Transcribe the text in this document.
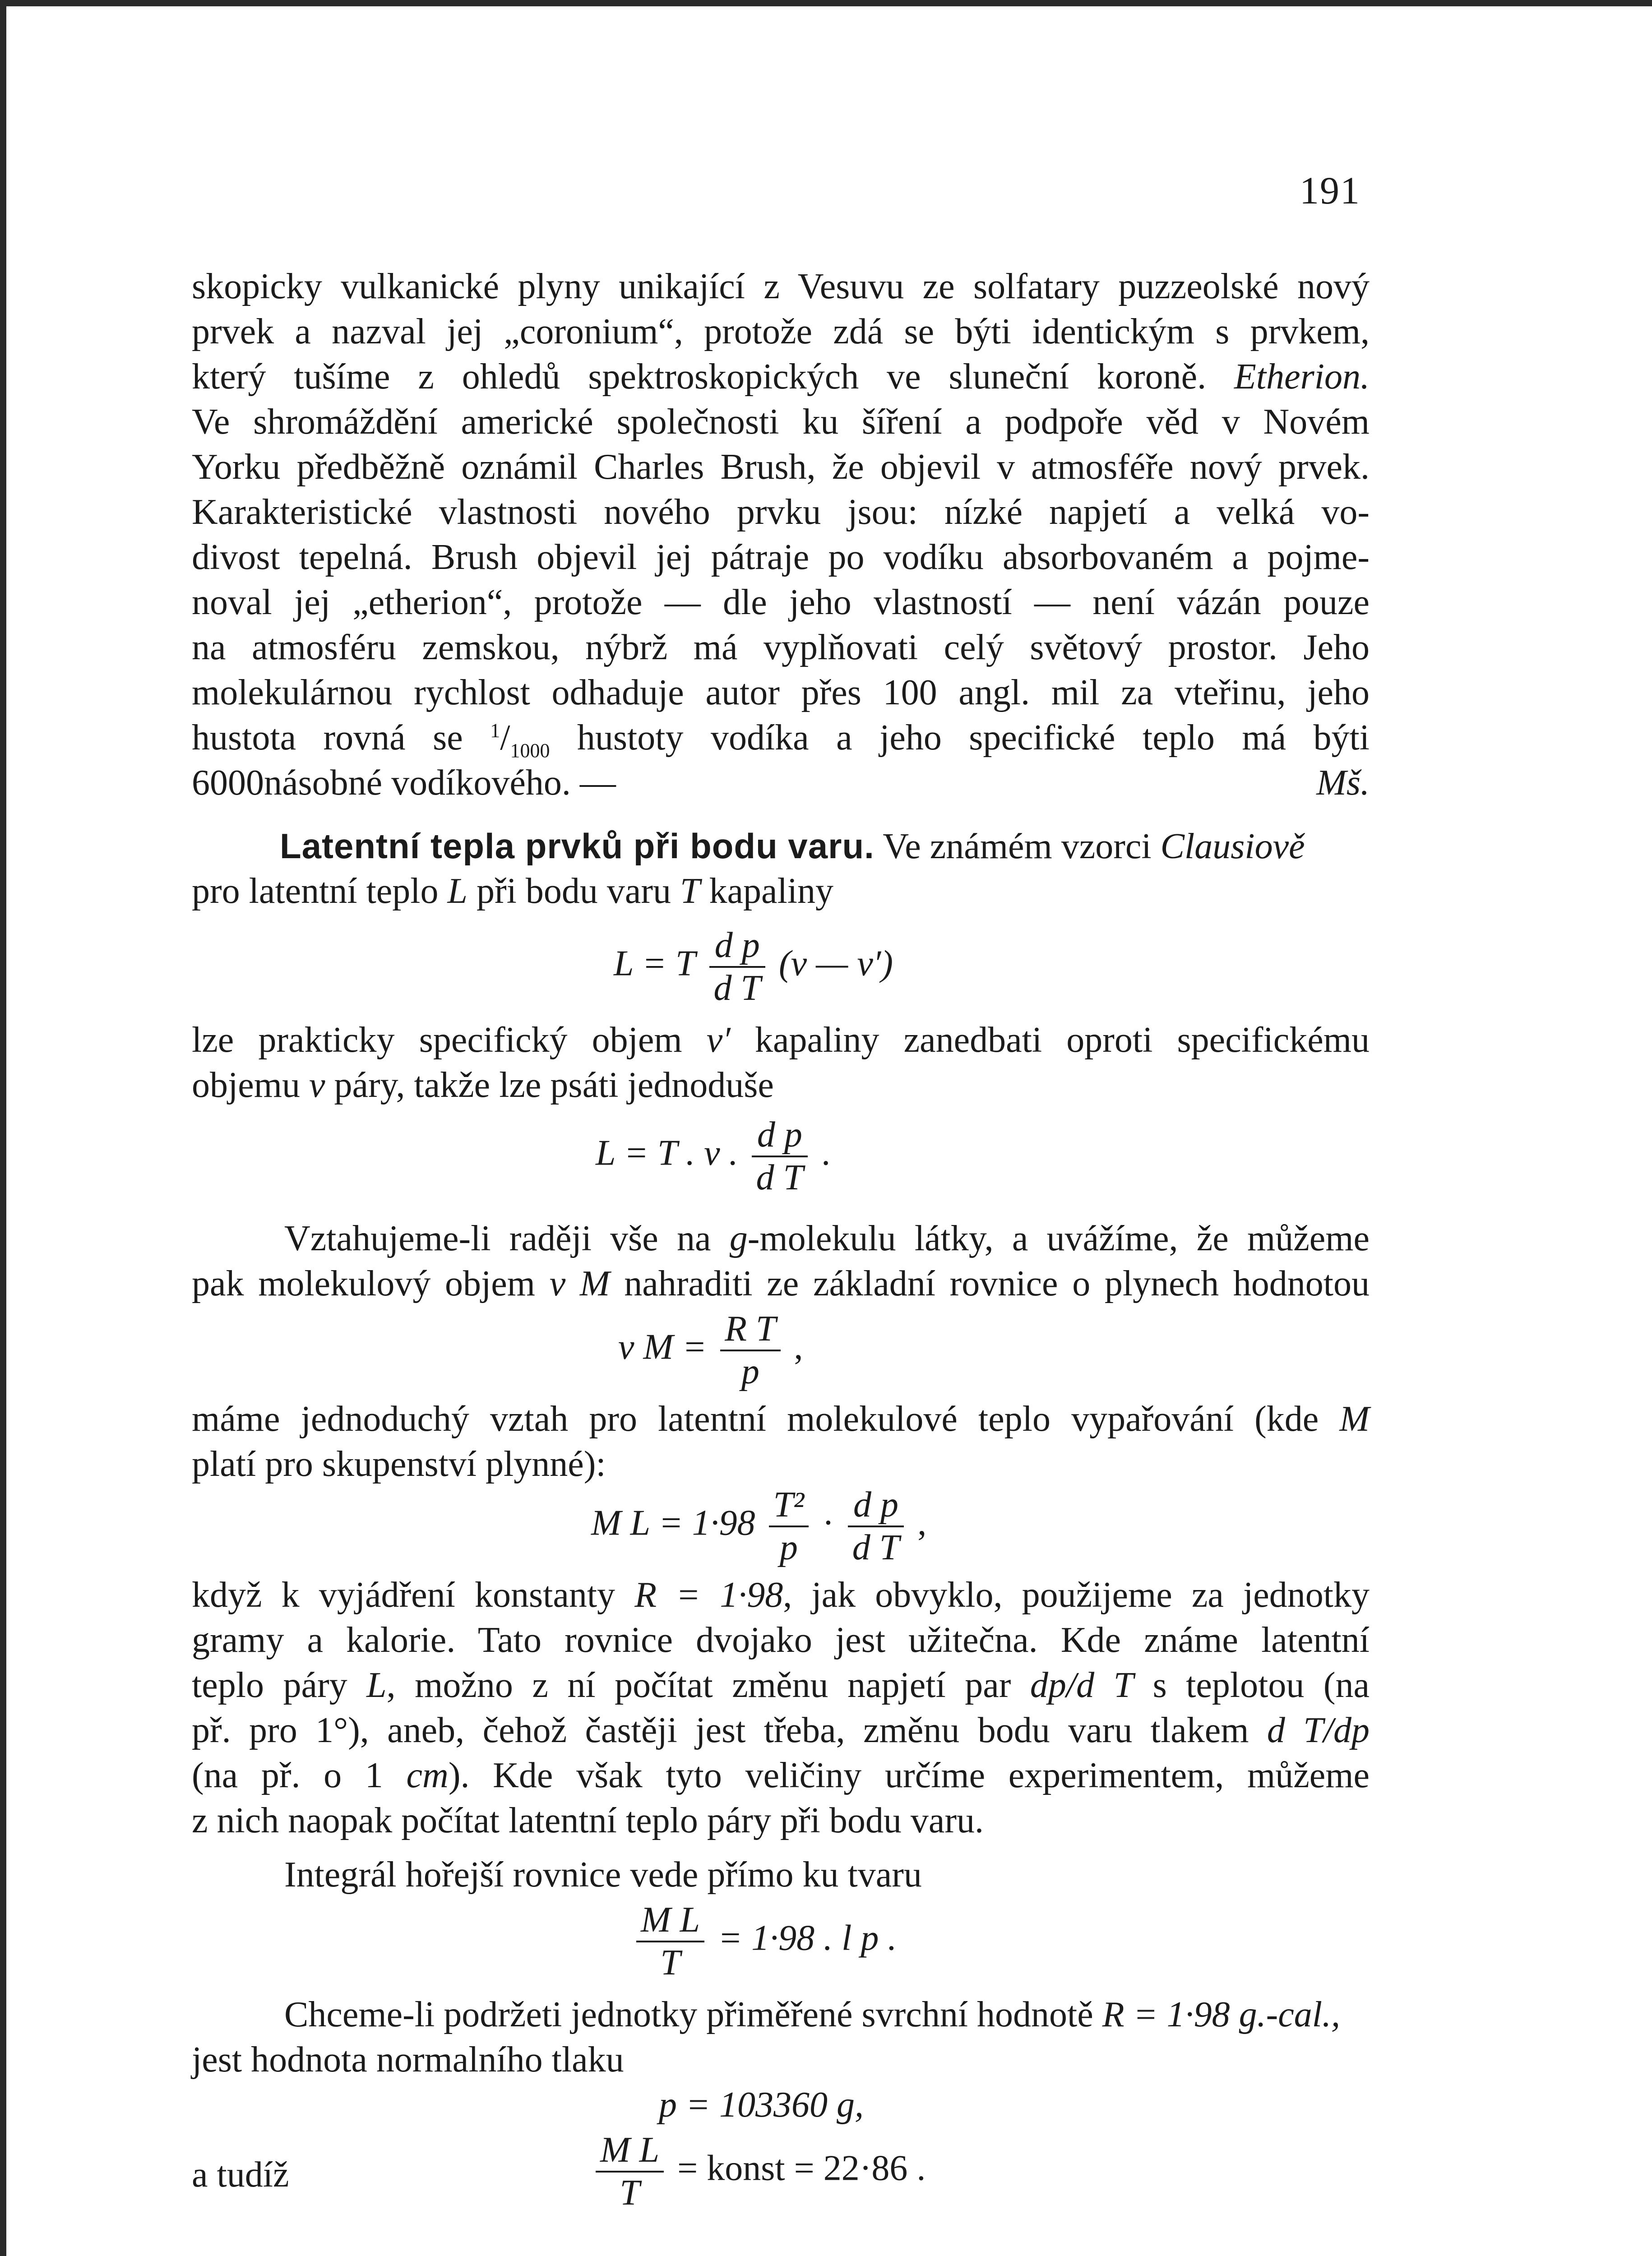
191
skopicky vulkanické plyny unikající z Vesuvu ze solfatary puzzeolské nový
prvek a nazval jej „coronium“, protože zdá se býti identickým s prvkem,
který tušíme z ohledů spektroskopických ve sluneční koroně. Etherion.
Ve shromáždění americké společnosti ku šíření a podpoře věd v Novém
Yorku předběžně oznámil Charles Brush, že objevil v atmosféře nový prvek.
Karakteristické vlastnosti nového prvku jsou: nízké napjetí a velká vo-
divost tepelná. Brush objevil jej pátraje po vodíku absorbovaném a pojme-
noval jej „etherion“, protože — dle jeho vlastností — není vázán pouze
na atmosféru zemskou, nýbrž má vyplňovati celý světový prostor. Jeho
molekulárnou rychlost odhaduje autor přes 100 angl. mil za vteřinu, jeho
hustota rovná se $^1/_{1000}$ hustoty vodíka a jeho specifické teplo má býti
6000násobné vodíkového. —	Mš.
Latentní tepla prvků při bodu varu. Ve známém vzorci Clausiově
pro latentní teplo L při bodu varu T kapaliny
L = T $\frac{\text{d p}}{\text{d T}} (v$ — v′)
lze prakticky specifický objem v′ kapaliny zanedbati oproti specifickému
objemu v páry, takže lze psáti jednoduše
L = T . v . $\frac{\text{d p}}{\text{d T}}$ .
Vztahujeme-li raději vše na g-molekulu látky, a uvážíme, že můžeme
pak molekulový objem v M nahraditi ze základní rovnice o plynech hodnotou
v $M = \frac{\text{R T}}{p}$ ,
máme jednoduchý vztah pro latentní molekulové teplo vypařování (kde M
platí pro skupenství plynné):
M $L = 1\cdot 98 \frac{\text{T²}}{p} \cdot \frac{\text{d p}}{\text{d T}}$ ,
když k vyjádření konstanty R = 1·98, jak obvyklo, použijeme za jednotky
gramy a kalorie. Tato rovnice dvojako jest užitečna. Kde známe latentní
teplo páry L, možno z ní počítat změnu napjetí par dp/d T s teplotou (na
př. pro 1°), aneb, čehož častěji jest třeba, změnu bodu varu tlakem d T/dp
(na př. o 1 cm). Kde však tyto veličiny určíme experimentem, můžeme
z nich naopak počítat latentní teplo páry při bodu varu.
Integrál hořejší rovnice vede přímo ku tvaru
$\frac{\text{M L}}{T} = 1\cdot 98$ . l p .
Chceme-li podržeti jednotky přiměřené svrchní hodnotě R = 1·98 g.-cal.,
jest hodnota normalního tlaku
p = 103360 g,
a tudíž	$\frac{\text{M L}}{T}$ = konst = 22·86 .
